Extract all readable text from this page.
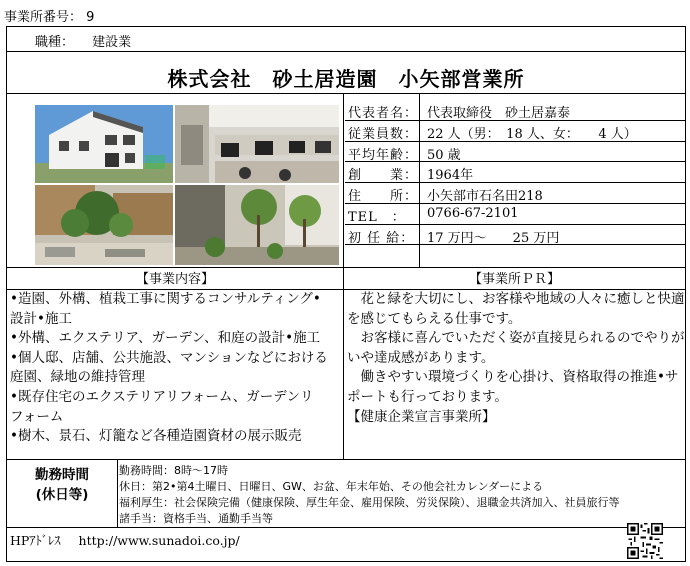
事業所番号： 9
職種： 建設業
株式会社　砂土居造園　小矢部営業所
代表者名： 代表取締役　砂土居嘉泰
従業員数： 22 人（男：　18 人、女：　　4 人）
平均年齢： 50 歳
創　　業： 1964年
住　　所： 小矢部市石名田218
TEL　：	0766-67-2101
初 任 給： 17 万円～　　25 万円
【事業内容】	【事業所ＰＲ】
•造園、外構、植栽工事に関するコンサルティング•
設計•施工
•外構、エクステリア、ガーデン、和庭の設計•施工
•個人邸、店舗、公共施設、マンションなどにおける
庭園、緑地の維持管理
•既存住宅のエクステリアリフォーム、ガーデンリ
フォーム
•樹木、景石、灯籠など各種造園資材の展示販売

花と緑を大切にし、お客様や地域の人々に癒しと快適を感じてもらえる仕事です。

お客様に喜んでいただく姿が直接見られるのでやりがいや達成感があります。

働きやすい環境づくりを心掛け、資格取得の推進•サポートも行っております。

【健康企業宣言事業所】

勤務時間
(休日等)
勤務時間：8時～17時
休日：第2•第4土曜日、日曜日、GW、お盆、年末年始、その他会社カレンダーによる
福利厚生：社会保険完備（健康保険、厚生年金、雇用保険、労災保険）、退職金共済加入、社員旅行等
諸手当：資格手当、通勤手当等
HPｱﾄﾞﾚｽ http://www.sunadoi.co.jp/
